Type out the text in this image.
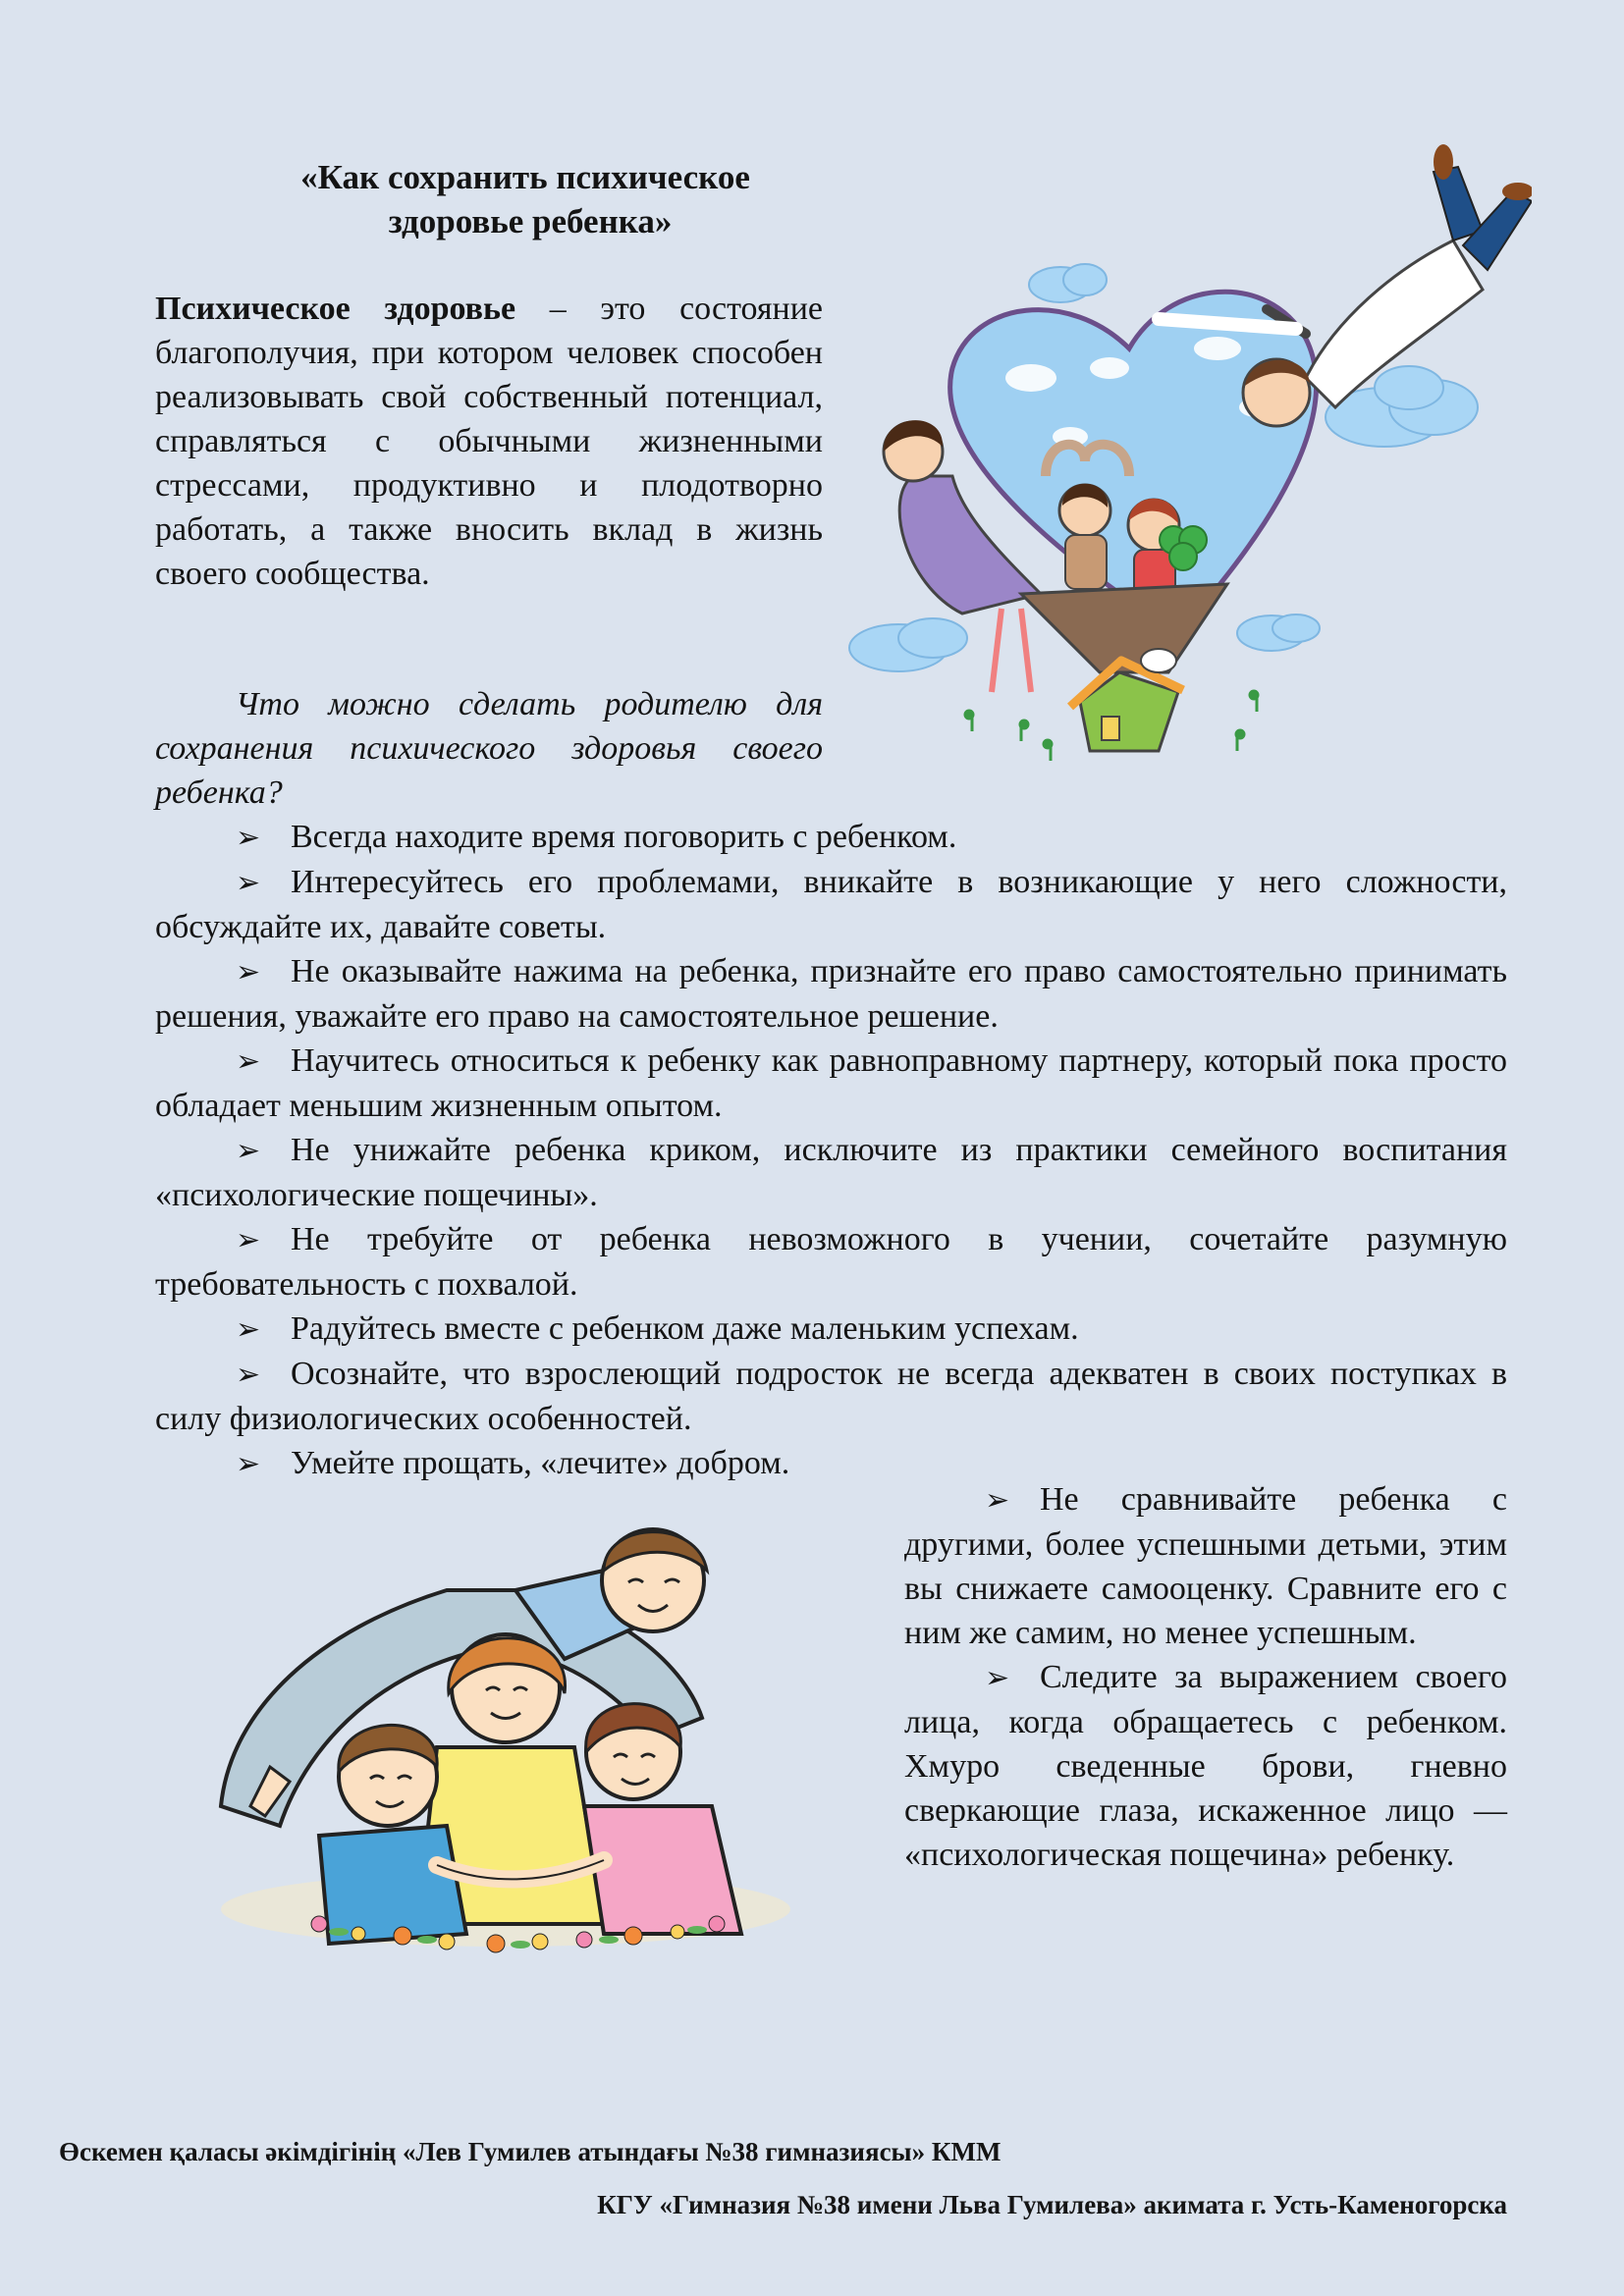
«Как сохранить психическое
здоровье ребенка»
Психическое здоровье – это состояние благополучия, при котором человек способен реализовывать свой собственный потенциал, справляться с обычными жизненными стрессами, продуктивно и плодотворно работать, а также вносить вклад в жизнь своего сообщества.
Что можно сделать родителю для сохранения психического здоровья своего ребенка?
➢ Всегда находите время поговорить с ребенком.
➢ Интересуйтесь его проблемами, вникайте в возникающие у него сложности, обсуждайте их, давайте советы.
➢ Не оказывайте нажима на ребенка, признайте его право самостоятельно принимать решения, уважайте его право на самостоятельное решение.
➢ Научитесь относиться к ребенку как равноправному партнеру, который пока просто обладает меньшим жизненным опытом.
➢ Не унижайте ребенка криком, исключите из практики семейного воспитания «психологические пощечины».
➢ Не требуйте от ребенка невозможного в учении, сочетайте разумную требовательность с похвалой.
➢ Радуйтесь вместе с ребенком даже маленьким успехам.
➢ Осознайте, что взрослеющий подросток не всегда адекватен в своих поступках в силу физиологических особенностей.
➢ Умейте прощать, «лечите» добром.
➢ Не сравнивайте ребенка с другими, более успешными детьми, этим вы снижаете самооценку. Сравните его с ним же самим, но менее успешным.
➢ Следите за выражением своего лица, когда обращаетесь с ребенком. Хмуро сведенные брови, гневно сверкающие глаза, искаженное лицо — «психологическая пощечина» ребенку.
Өскемен қаласы әкімдігінің «Лев Гумилев атындағы №38 гимназиясы» КММ
КГУ «Гимназия №38 имени Льва Гумилева» акимата г. Усть-Каменогорска
